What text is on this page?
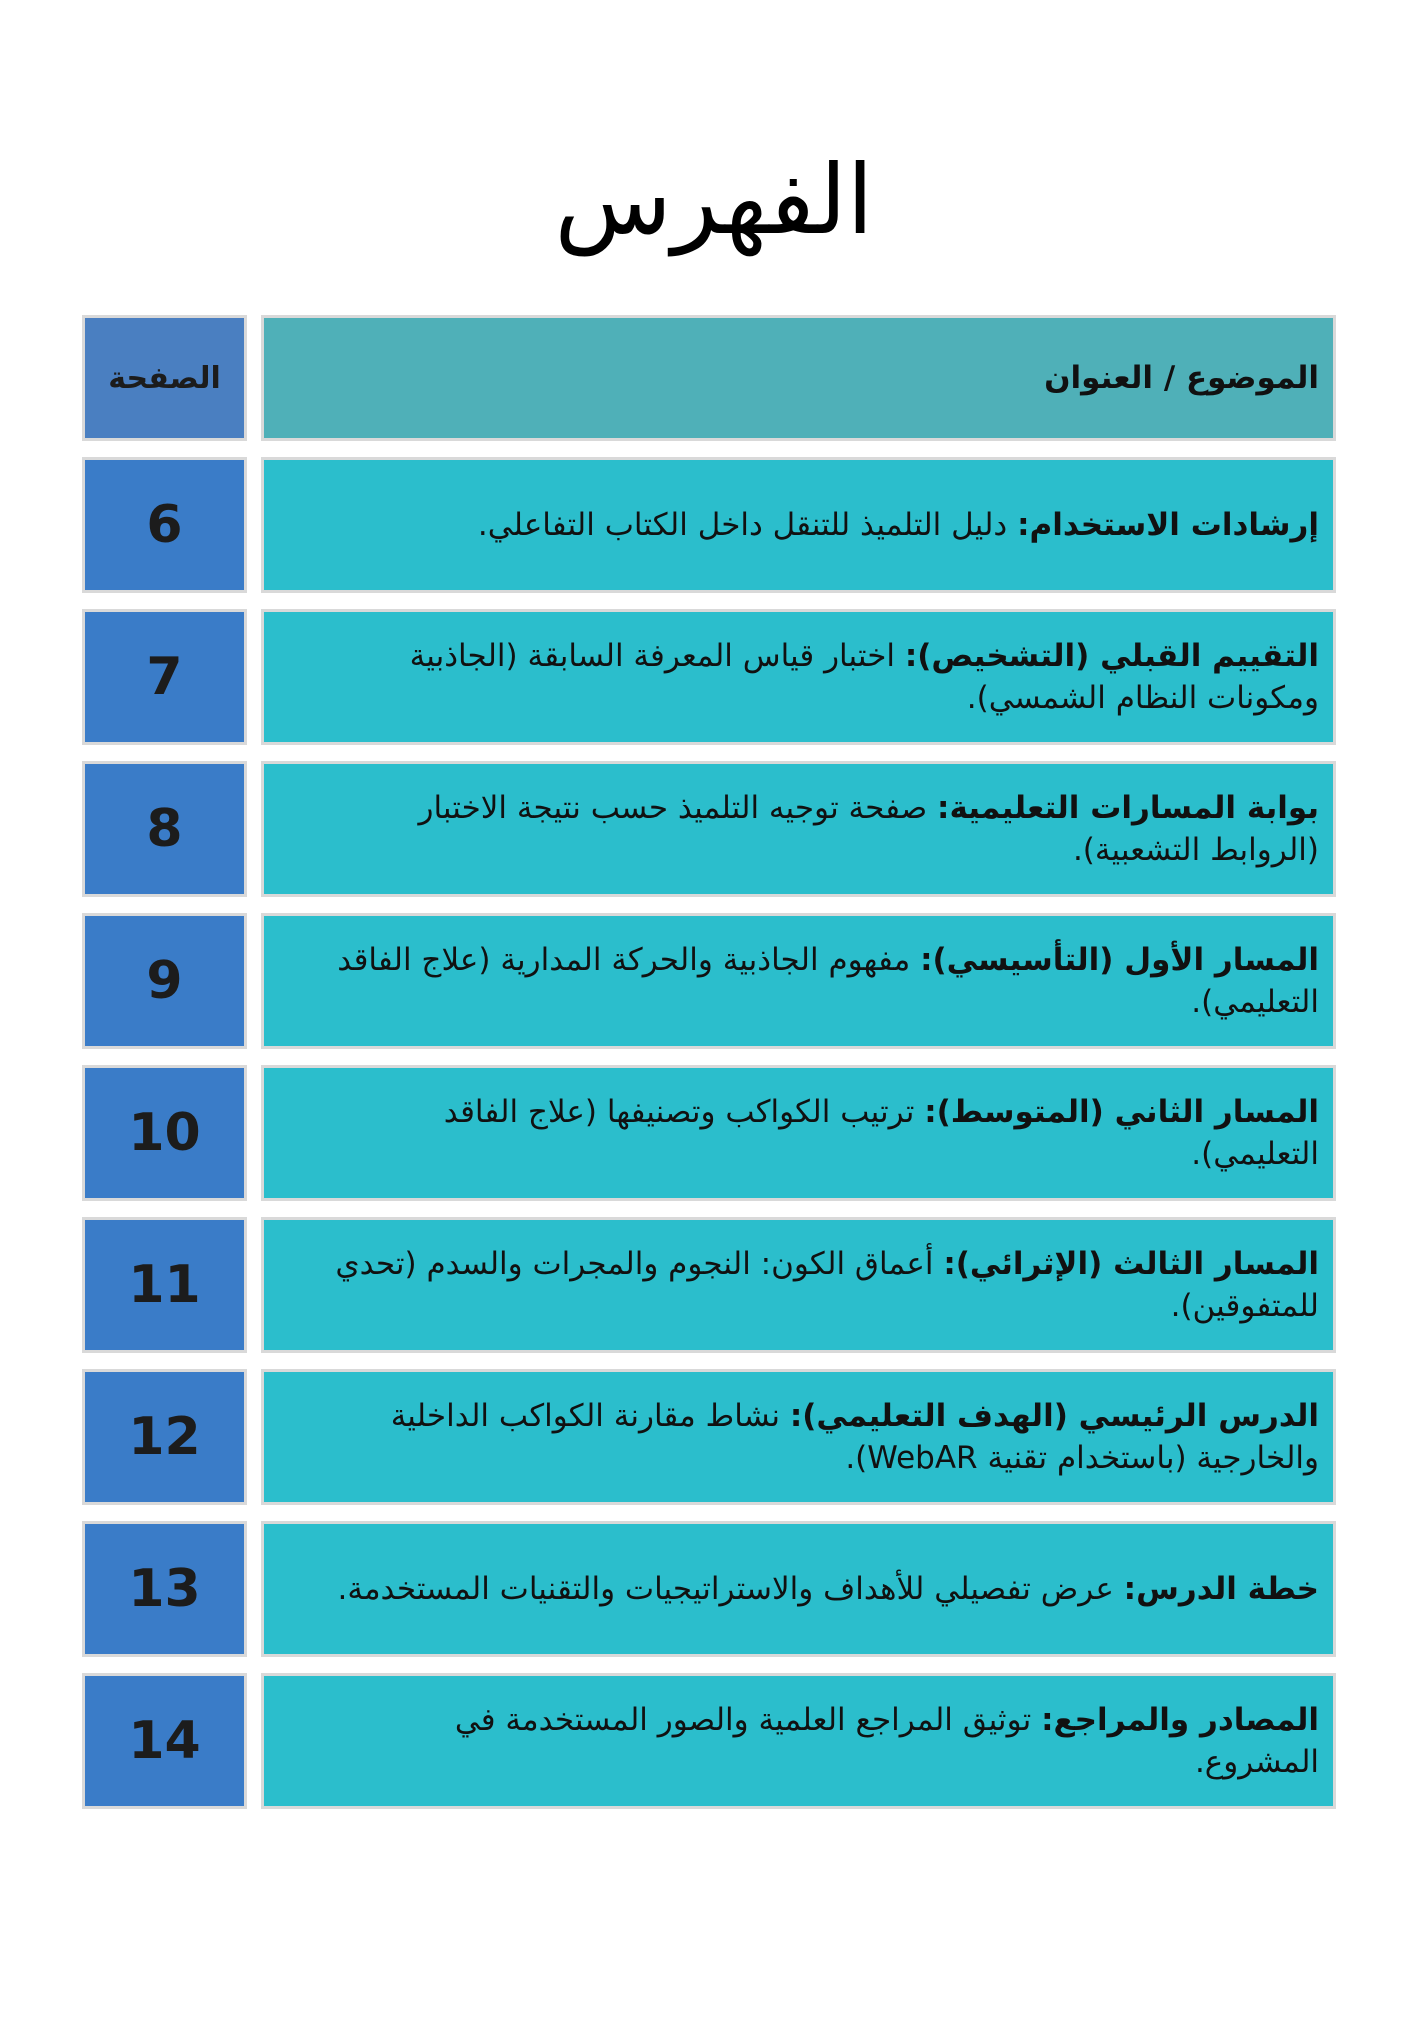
الفهرس
الصفحة	الموضوع / العنوان
6	إرشادات الاستخدام: دليل التلميذ للتنقل داخل الكتاب التفاعلي.
7	التقييم القبلي (التشخيص): اختبار قياس المعرفة السابقة (الجاذبية ومكونات النظام الشمسي).
8	بوابة المسارات التعليمية: صفحة توجيه التلميذ حسب نتيجة الاختبار (الروابط التشعبية).
9	المسار الأول (التأسيسي): مفهوم الجاذبية والحركة المدارية (علاج الفاقد التعليمي).
10	المسار الثاني (المتوسط): ترتيب الكواكب وتصنيفها (علاج الفاقد التعليمي).
11	المسار الثالث (الإثرائي): أعماق الكون: النجوم والمجرات والسدم (تحدي للمتفوقين).
12	الدرس الرئيسي (الهدف التعليمي): نشاط مقارنة الكواكب الداخلية والخارجية (باستخدام تقنية WebAR).
13	خطة الدرس: عرض تفصيلي للأهداف والاستراتيجيات والتقنيات المستخدمة.
14	المصادر والمراجع: توثيق المراجع العلمية والصور المستخدمة في المشروع.
